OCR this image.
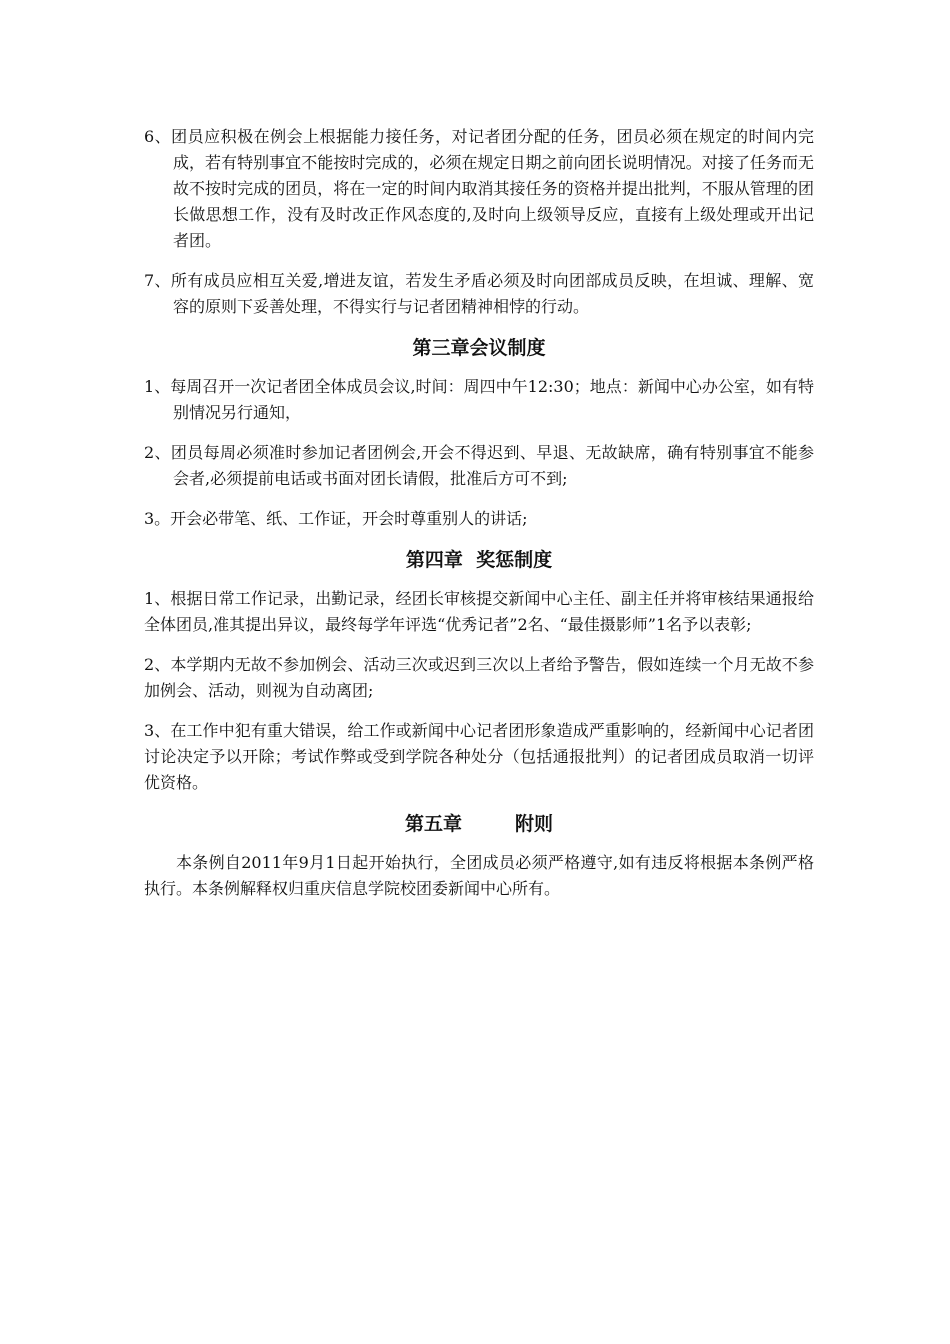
6、团员应积极在例会上根据能力接任务，对记者团分配的任务，团员必须在规定的时间内完成，若有特别事宜不能按时完成的，必须在规定日期之前向团长说明情况。对接了任务而无故不按时完成的团员，将在一定的时间内取消其接任务的资格并提出批判，不服从管理的团长做思想工作，没有及时改正作风态度的,及时向上级领导反应，直接有上级处理或开出记者团。

7、所有成员应相互关爱,增进友谊，若发生矛盾必须及时向团部成员反映，在坦诚、理解、宽容的原则下妥善处理，不得实行与记者团精神相悖的行动。

第三章会议制度

1、每周召开一次记者团全体成员会议,时间：周四中午12:30；地点：新闻中心办公室，如有特别情况另行通知，

2、团员每周必须准时参加记者团例会,开会不得迟到、早退、无故缺席，确有特别事宜不能参会者,必须提前电话或书面对团长请假，批准后方可不到;

3。开会必带笔、纸、工作证，开会时尊重别人的讲话;

第四章  奖惩制度

1、根据日常工作记录，出勤记录，经团长审核提交新闻中心主任、副主任并将审核结果通报给全体团员,准其提出异议，最终每学年评选“优秀记者”2名、“最佳摄影师”1名予以表彰;

2、本学期内无故不参加例会、活动三次或迟到三次以上者给予警告，假如连续一个月无故不参加例会、活动，则视为自动离团;

3、在工作中犯有重大错误，给工作或新闻中心记者团形象造成严重影响的，经新闻中心记者团讨论决定予以开除；考试作弊或受到学院各种处分（包括通报批判）的记者团成员取消一切评优资格。

第五章        附则

本条例自2011年9月1日起开始执行，全团成员必须严格遵守,如有违反将根据本条例严格执行。本条例解释权归重庆信息学院校团委新闻中心所有。
